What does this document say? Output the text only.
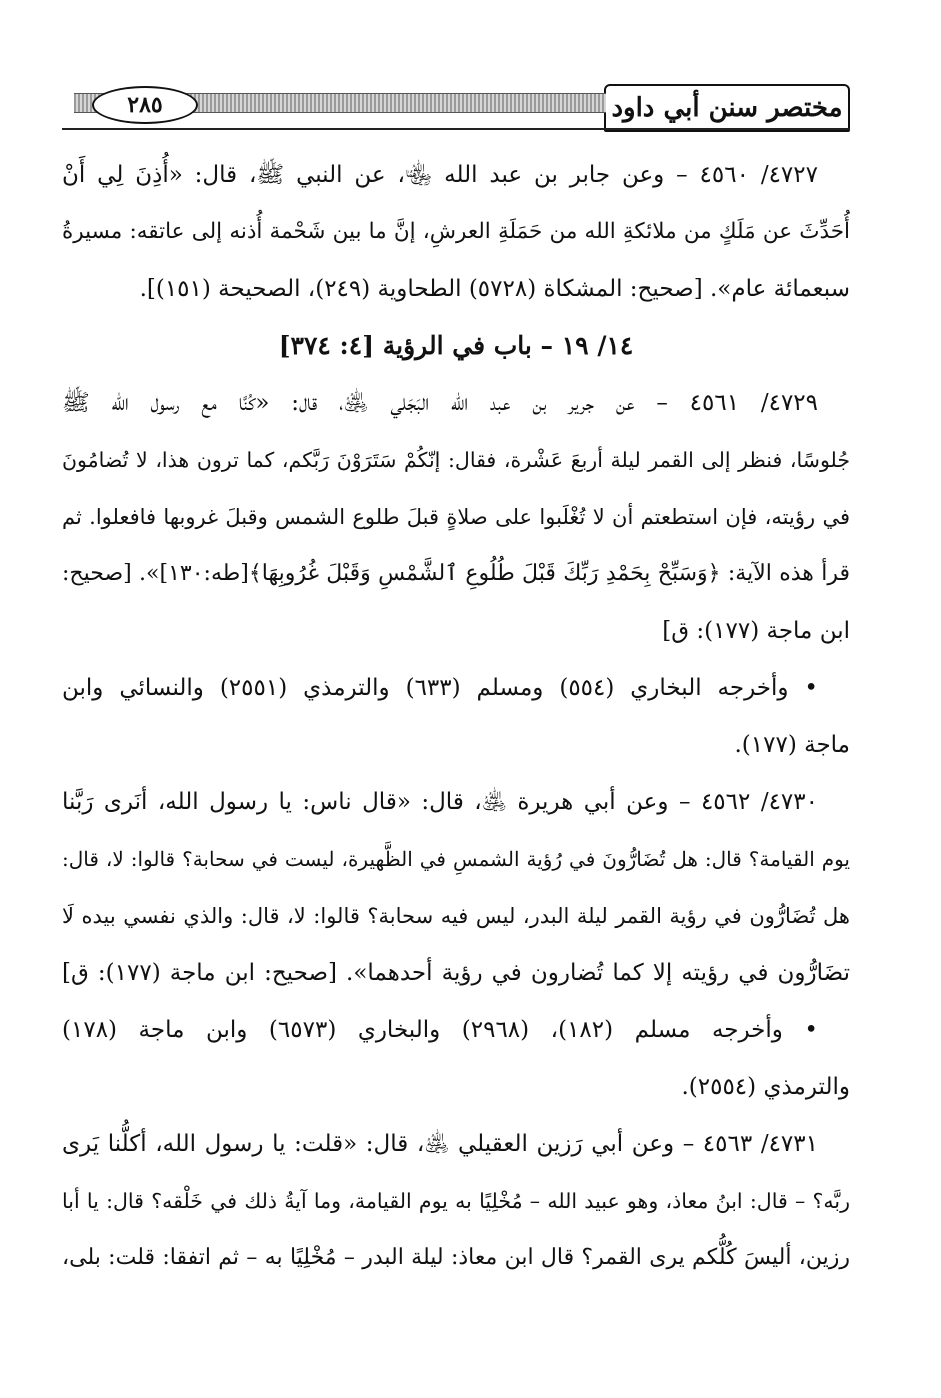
مختصر سنن أبي داود
٢٨٥
٤٧٢٧/ ٤٥٦٠ – وعن جابر بن عبد الله ﵄، عن النبي ﷺ، قال: «أُذِنَ لِي أَنْ
أُحَدِّثَ عن مَلَكٍ من ملائكةِ الله من حَمَلَةِ العرشِ، إنَّ ما بين شَحْمة أُذنه إلى عاتقه: مسيرةُ
سبعمائة عام». [صحيح: المشكاة (٥٧٢٨) الطحاوية (٢٤٩)، الصحيحة (١٥١)].
١٤/ ١٩ – باب في الرؤية [٤: ٣٧٤]
٤٧٢٩/ ٤٥٦١ – عن جرير بن عبد الله البَجَلي ﵁، قال: «كُنَّا مع رسول الله ﷺ
جُلوسًا، فنظر إلى القمر ليلة أربعَ عَشْرة، فقال: إنّكُمْ سَتَرَوْنَ رَبَّكم، كما ترون هذا، لا تُضامُونَ
في رؤيته، فإن استطعتم أن لا تُغْلَبوا على صلاةٍ قبلَ طلوع الشمس وقبلَ غروبها فافعلوا. ثم
قرأ هذه الآية: ﴿وَسَبِّحْ بِحَمْدِ رَبِّكَ قَبْلَ طُلُوعِ ٱلشَّمْسِ وَقَبْلَ غُرُوبِهَا﴾[طه:١٣٠]». [صحيح:
ابن ماجة (١٧٧): ق]
• وأخرجه البخاري (٥٥٤) ومسلم (٦٣٣) والترمذي (٢٥٥١) والنسائي وابن
ماجة (١٧٧).
٤٧٣٠/ ٤٥٦٢ – وعن أبي هريرة ﵁، قال: «قال ناس: يا رسول الله، أنَرى رَبَّنا
يوم القيامة؟ قال: هل تُضَارُّونَ في رُؤية الشمسِ في الظَّهيرة، ليست في سحابة؟ قالوا: لا، قال:
هل تُضَارُّون في رؤية القمر ليلة البدر، ليس فيه سحابة؟ قالوا: لا، قال: والذي نفسي بيده لَا
تضَارُّون في رؤيته إلا كما تُضارون في رؤية أحدهما». [صحيح: ابن ماجة (١٧٧): ق]
• وأخرجه مسلم (١٨٢)، (٢٩٦٨) والبخاري (٦٥٧٣) وابن ماجة (١٧٨)
والترمذي (٢٥٥٤).
٤٧٣١/ ٤٥٦٣ – وعن أبي رَزين العقيلي ﵁، قال: «قلت: يا رسول الله، أكلُّنا يَرى
ربَّه؟ – قال: ابنُ معاذ، وهو عبيد الله – مُخْلِيًا به يوم القيامة، وما آيةُ ذلك في خَلْقه؟ قال: يا أبا
رزين، أليسَ كُلُّكم يرى القمر؟ قال ابن معاذ: ليلة البدر – مُخْلِيًا به – ثم اتفقا: قلت: بلى،
